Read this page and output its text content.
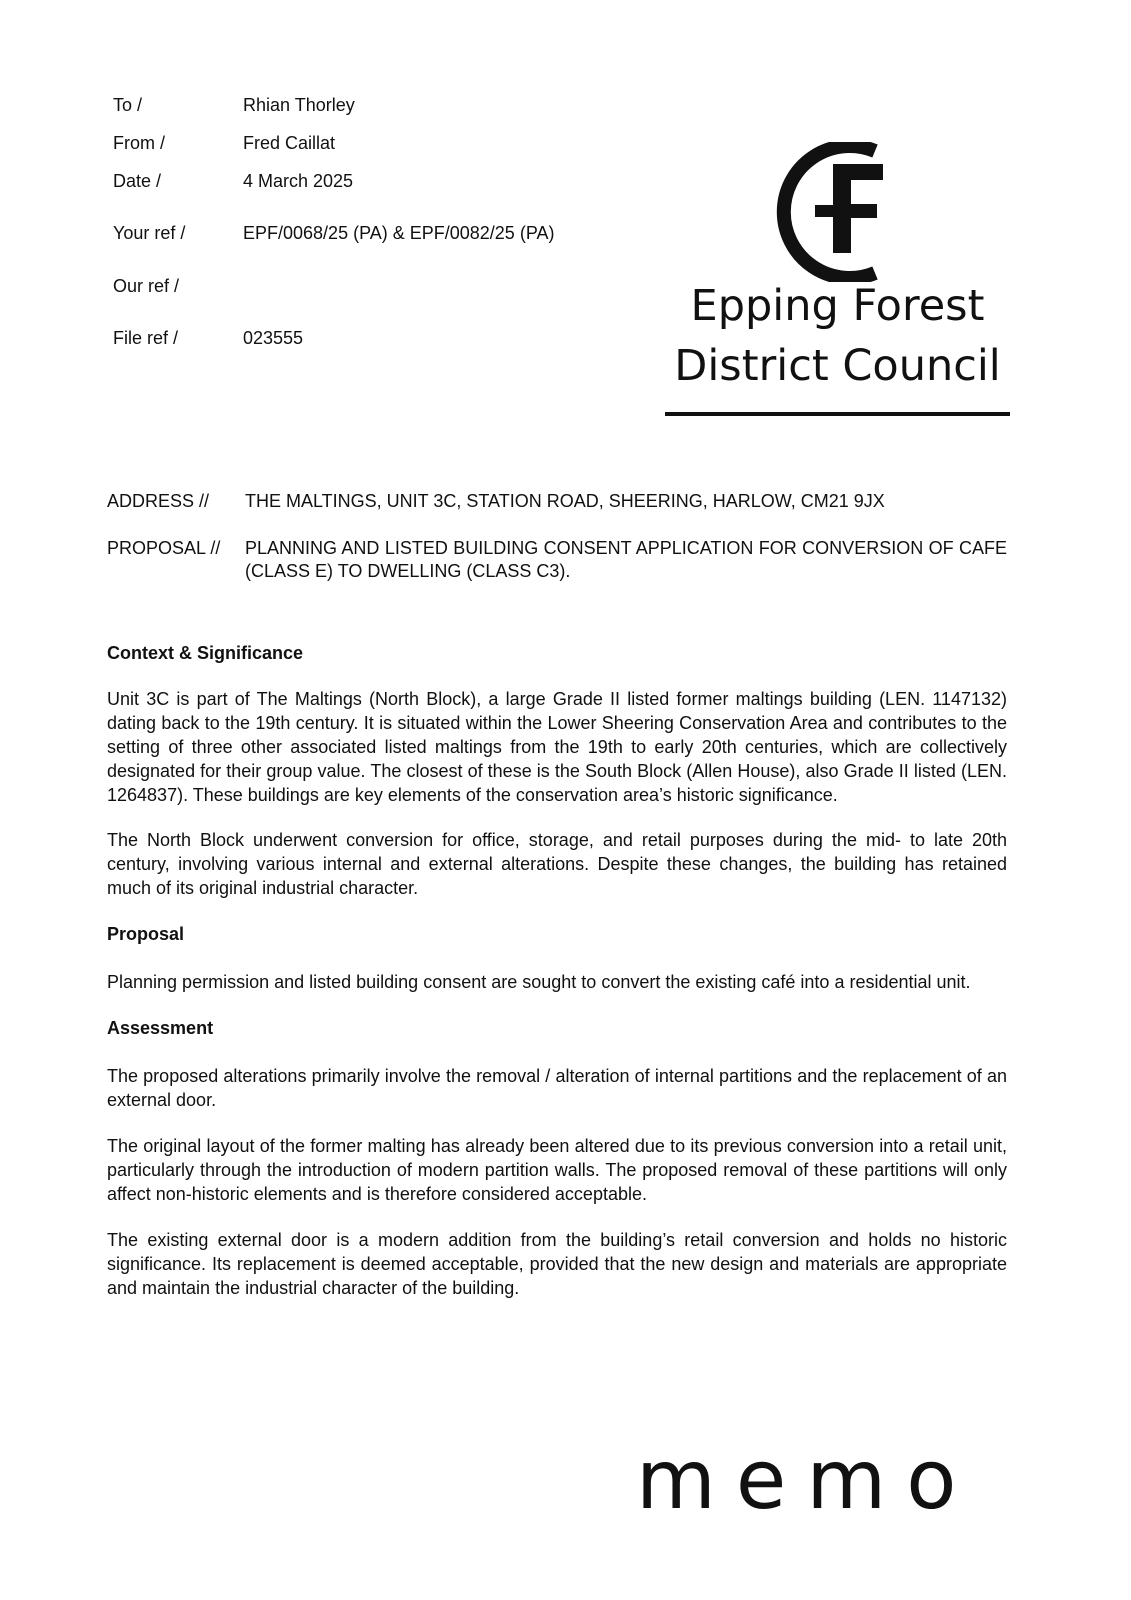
To /	Rhian Thorley
From /	Fred Caillat
Date /	4 March 2025
Your ref /	EPF/0068/25 (PA) & EPF/0082/25 (PA)
Our ref /
File ref /	023555
Epping Forest
District Council
ADDRESS //	THE MALTINGS, UNIT 3C, STATION ROAD, SHEERING, HARLOW, CM21 9JX
PROPOSAL //	PLANNING AND LISTED BUILDING CONSENT APPLICATION FOR CONVERSION OF CAFE (CLASS E) TO DWELLING (CLASS C3).
Context & Significance
Unit 3C is part of The Maltings (North Block), a large Grade II listed former maltings building (LEN. 1147132) dating back to the 19th century. It is situated within the Lower Sheering Conservation Area and contributes to the setting of three other associated listed maltings from the 19th to early 20th centuries, which are collectively designated for their group value. The closest of these is the South Block (Allen House), also Grade II listed (LEN. 1264837). These buildings are key elements of the conservation area’s historic significance.
The North Block underwent conversion for office, storage, and retail purposes during the mid- to late 20th century, involving various internal and external alterations. Despite these changes, the building has retained much of its original industrial character.
Proposal
Planning permission and listed building consent are sought to convert the existing café into a residential unit.
Assessment
The proposed alterations primarily involve the removal / alteration of internal partitions and the replacement of an external door.
The original layout of the former malting has already been altered due to its previous conversion into a retail unit, particularly through the introduction of modern partition walls. The proposed removal of these partitions will only affect non-historic elements and is therefore considered acceptable.
The existing external door is a modern addition from the building’s retail conversion and holds no historic significance. Its replacement is deemed acceptable, provided that the new design and materials are appropriate and maintain the industrial character of the building.
memo
